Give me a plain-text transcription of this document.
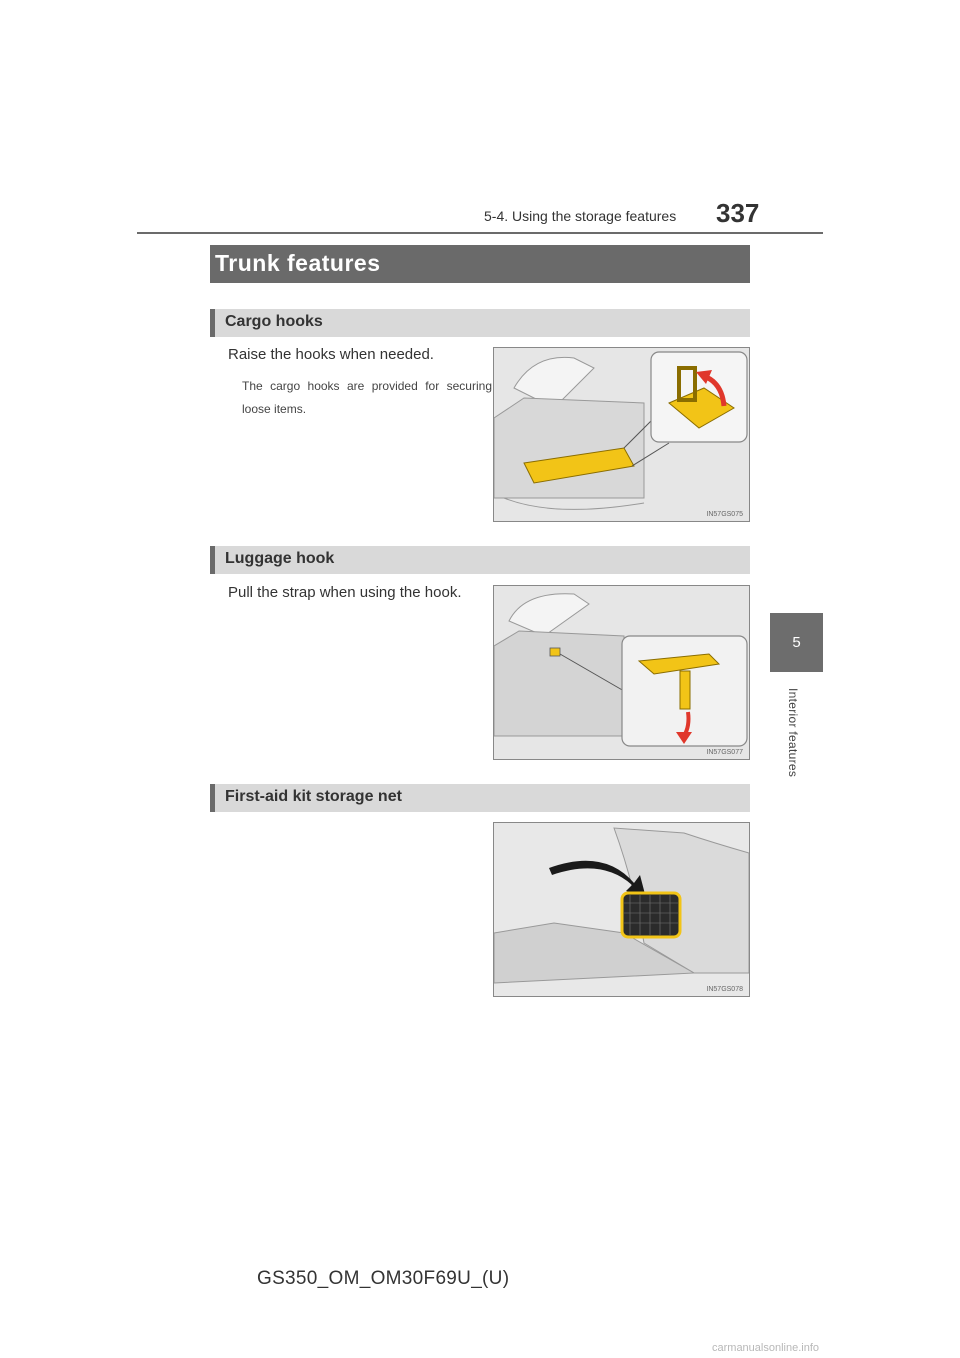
5-4. Using the storage features 337
5
Interior features
Trunk features
Cargo hooks
Raise the hooks when needed.
The cargo hooks are provided for securing loose items.
IN57GS075
Luggage hook
Pull the strap when using the hook.
IN57GS077
First-aid kit storage net
IN57GS078
GS350_OM_OM30F69U_(U)
carmanualsonline.info
